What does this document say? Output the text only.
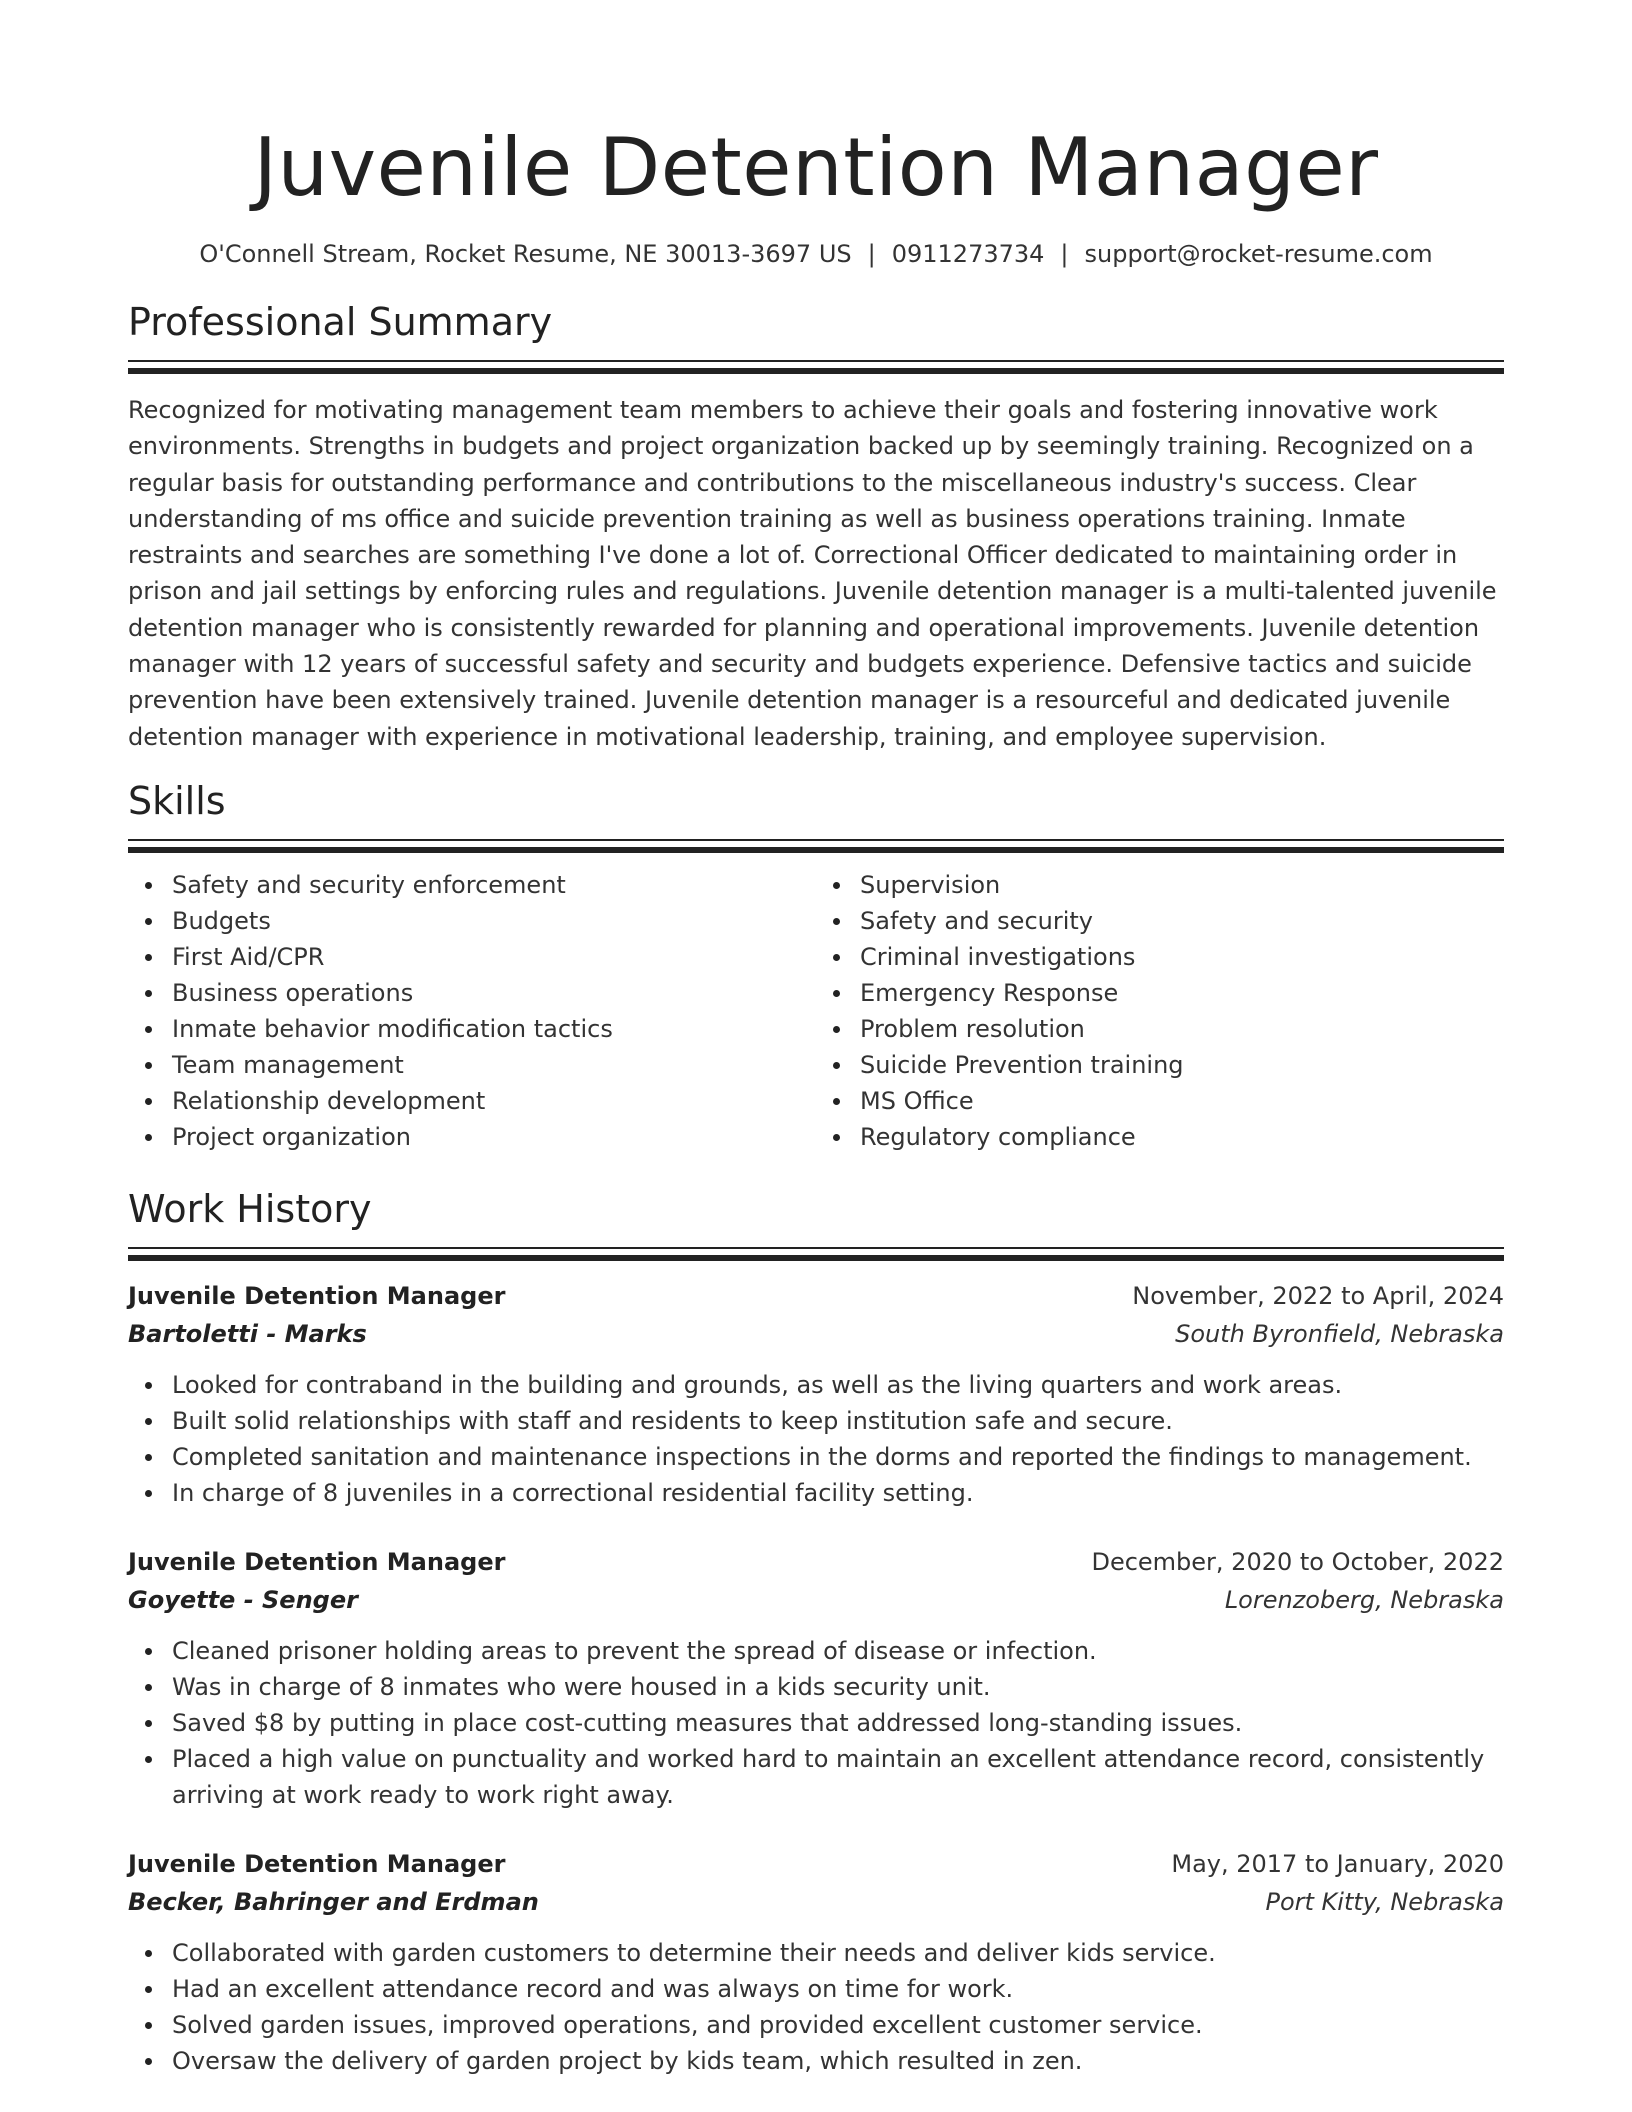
Juvenile Detention Manager
O'Connell Stream, Rocket Resume, NE 30013-3697 US | 0911273734 | support@rocket-resume.com
Professional Summary

Recognized for motivating management team members to achieve their goals and fostering innovative work environments. Strengths in budgets and project organization backed up by seemingly training. Recognized on a regular basis for outstanding performance and contributions to the miscellaneous industry's success. Clear understanding of ms office and suicide prevention training as well as business operations training. Inmate restraints and searches are something I've done a lot of. Correctional Officer dedicated to maintaining order in prison and jail settings by enforcing rules and regulations. Juvenile detention manager is a multi-talented juvenile detention manager who is consistently rewarded for planning and operational improvements. Juvenile detention manager with 12 years of successful safety and security and budgets experience. Defensive tactics and suicide prevention have been extensively trained. Juvenile detention manager is a resourceful and dedicated juvenile detention manager with experience in motivational leadership, training, and employee supervision.

Skills
Safety and security enforcement
Budgets
First Aid/CPR
Business operations
Inmate behavior modification tactics
Team management
Relationship development
Project organization
Supervision
Safety and security
Criminal investigations
Emergency Response
Problem resolution
Suicide Prevention training
MS Office
Regulatory compliance
Work History
Juvenile Detention Manager	November, 2022 to April, 2024
Bartoletti - Marks	South Byronfield, Nebraska
Looked for contraband in the building and grounds, as well as the living quarters and work areas.
Built solid relationships with staff and residents to keep institution safe and secure.
Completed sanitation and maintenance inspections in the dorms and reported the findings to management.
In charge of 8 juveniles in a correctional residential facility setting.
Juvenile Detention Manager	December, 2020 to October, 2022
Goyette - Senger	Lorenzoberg, Nebraska
Cleaned prisoner holding areas to prevent the spread of disease or infection.
Was in charge of 8 inmates who were housed in a kids security unit.
Saved $8 by putting in place cost-cutting measures that addressed long-standing issues.
Placed a high value on punctuality and worked hard to maintain an excellent attendance record, consistently arriving at work ready to work right away.
Juvenile Detention Manager	May, 2017 to January, 2020
Becker, Bahringer and Erdman	Port Kitty, Nebraska
Collaborated with garden customers to determine their needs and deliver kids service.
Had an excellent attendance record and was always on time for work.
Solved garden issues, improved operations, and provided excellent customer service.
Oversaw the delivery of garden project by kids team, which resulted in zen.
